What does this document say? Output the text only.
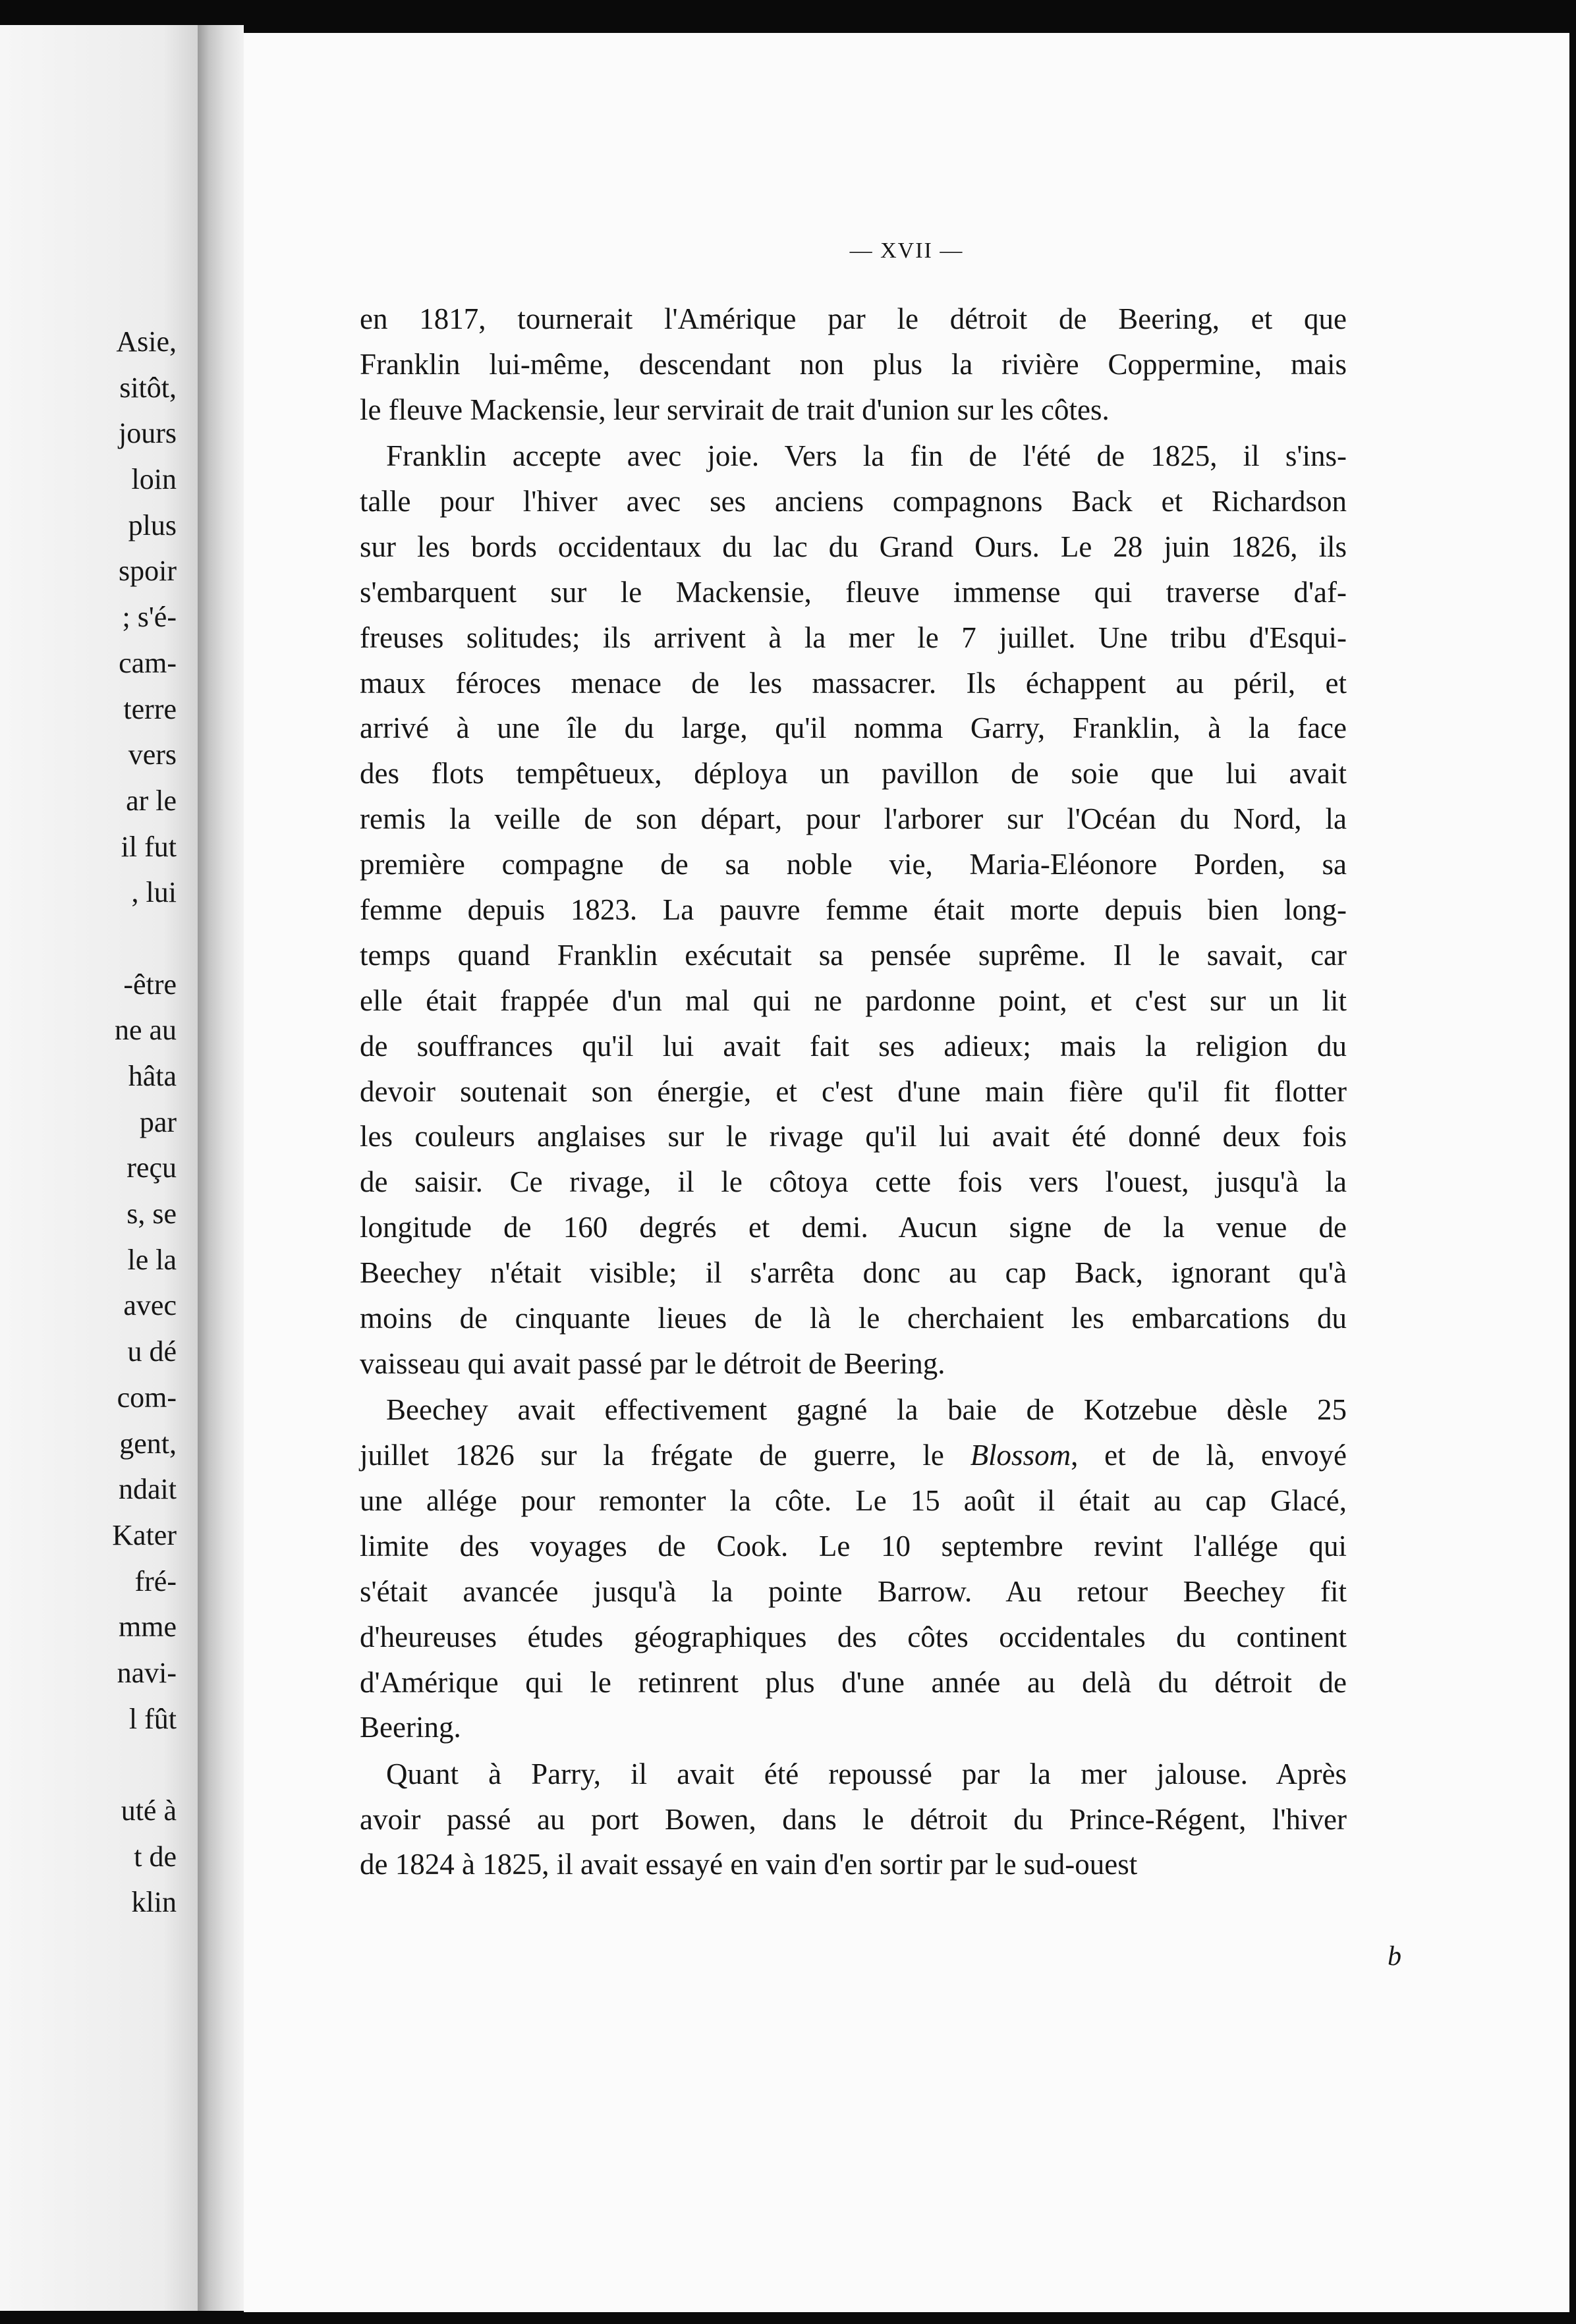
Asie,
sitôt,
jours
loin
plus
spoir
; s'é-
cam-
terre
vers
ar le
il fut
, lui
-être
ne au
hâta
par
reçu
s, se
le la
avec
u dé
com-
gent,
ndait
Kater
fré-
mme
navi-
l fût
uté à
t de
klin
— XVII —
en 1817, tournerait l'Amérique par le détroit de Beering, et que
Franklin lui-même, descendant non plus la rivière Coppermine, mais
le fleuve Mackensie, leur servirait de trait d'union sur les côtes.
Franklin accepte avec joie. Vers la fin de l'été de 1825, il s'ins-
talle pour l'hiver avec ses anciens compagnons Back et Richardson
sur les bords occidentaux du lac du Grand Ours. Le 28 juin 1826, ils
s'embarquent sur le Mackensie, fleuve immense qui traverse d'af-
freuses solitudes; ils arrivent à la mer le 7 juillet. Une tribu d'Esqui-
maux féroces menace de les massacrer. Ils échappent au péril, et
arrivé à une île du large, qu'il nomma Garry, Franklin, à la face
des flots tempêtueux, déploya un pavillon de soie que lui avait
remis la veille de son départ, pour l'arborer sur l'Océan du Nord, la
première compagne de sa noble vie, Maria-Eléonore Porden, sa
femme depuis 1823. La pauvre femme était morte depuis bien long-
temps quand Franklin exécutait sa pensée suprême. Il le savait, car
elle était frappée d'un mal qui ne pardonne point, et c'est sur un lit
de souffrances qu'il lui avait fait ses adieux; mais la religion du
devoir soutenait son énergie, et c'est d'une main fière qu'il fit flotter
les couleurs anglaises sur le rivage qu'il lui avait été donné deux fois
de saisir. Ce rivage, il le côtoya cette fois vers l'ouest, jusqu'à la
longitude de 160 degrés et demi. Aucun signe de la venue de
Beechey n'était visible; il s'arrêta donc au cap Back, ignorant qu'à
moins de cinquante lieues de là le cherchaient les embarcations du
vaisseau qui avait passé par le détroit de Beering.
Beechey avait effectivement gagné la baie de Kotzebue dèsle 25
juillet 1826 sur la frégate de guerre, le Blossom, et de là, envoyé
une allége pour remonter la côte. Le 15 août il était au cap Glacé,
limite des voyages de Cook. Le 10 septembre revint l'allége qui
s'était avancée jusqu'à la pointe Barrow. Au retour Beechey fit
d'heureuses études géographiques des côtes occidentales du continent
d'Amérique qui le retinrent plus d'une année au delà du détroit de
Beering.
Quant à Parry, il avait été repoussé par la mer jalouse. Après
avoir passé au port Bowen, dans le détroit du Prince-Régent, l'hiver
de 1824 à 1825, il avait essayé en vain d'en sortir par le sud-ouest
b
